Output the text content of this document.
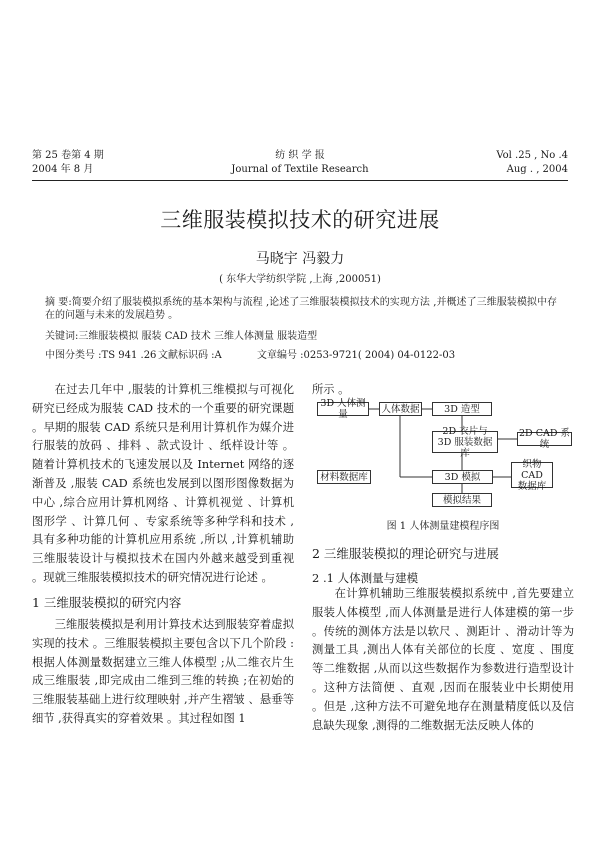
第 25 卷第 4 期
2004 年 8 月
纺 织 学 报
Journal of Textile Research
Vol .25 , No .4
Aug . , 2004
三维服装模拟技术的研究进展
马晓宇 冯毅力
( 东华大学纺织学院 ,上海 ,200051)
摘 要:简要介绍了服装模拟系统的基本架构与流程 ,论述了三维服装模拟技术的实现方法 ,并概述了三维服装模拟中存在的问题与未来的发展趋势 。
关键词:三维服装模拟 服装 CAD 技术 三维人体测量 服装造型
中图分类号 :TS 941 .26 文献标识码 :A	文章编号 :0253-9721( 2004) 04-0122-03

在过去几年中 ,服装的计算机三维模拟与可视化研究已经成为服装 CAD 技术的一个重要的研究课题 。早期的服装 CAD 系统只是利用计算机作为媒介进行服装的放码 、排料 、款式设计 、纸样设计等 。随着计算机技术的飞速发展以及 Internet 网络的逐渐普及 ,服装 CAD 系统也发展到以图形图像数据为中心 ,综合应用计算机网络 、计算机视觉 、计算机图形学 、计算几何 、专家系统等多种学科和技术 ,具有多种功能的计算机应用系统 ,所以 ,计算机辅助三维服装设计与模拟技术在国内外越来越受到重视 。现就三维服装模拟技术的研究情况进行论述 。

1 三维服装模拟的研究内容

三维服装模拟是利用计算技术达到服装穿着虚拟实现的技术 。三维服装模拟主要包含以下几个阶段 :根据人体测量数据建立三维人体模型 ;从二维衣片生成三维服装 ,即完成由二维到三维的转换 ;在初始的三维服装基础上进行纹理映射 ,并产生褶皱 、悬垂等细节 ,获得真实的穿着效果 。其过程如图 1

所示 。
3D 人体测量	人体数据	3D 造型
2D 衣片与 3D 服装数据库
2D CAD 系统
材料数据库	3D 模拟
织物 CAD 数据库
模拟结果
图 1 人体测量建模程序图
2 三维服装模拟的理论研究与进展
2 .1 人体测量与建模

在计算机辅助三维服装模拟系统中 ,首先要建立服装人体模型 ,而人体测量是进行人体建模的第一步 。传统的测体方法是以软尺 、测距计 、滑动计等为测量工具 ,测出人体有关部位的长度 、宽度 、围度等二维数据 ,从而以这些数据作为参数进行造型设计 。这种方法简便 、直观 ,因而在服装业中长期使用 。但是 ,这种方法不可避免地存在测量精度低以及信息缺失现象 ,测得的二维数据无法反映人体的
